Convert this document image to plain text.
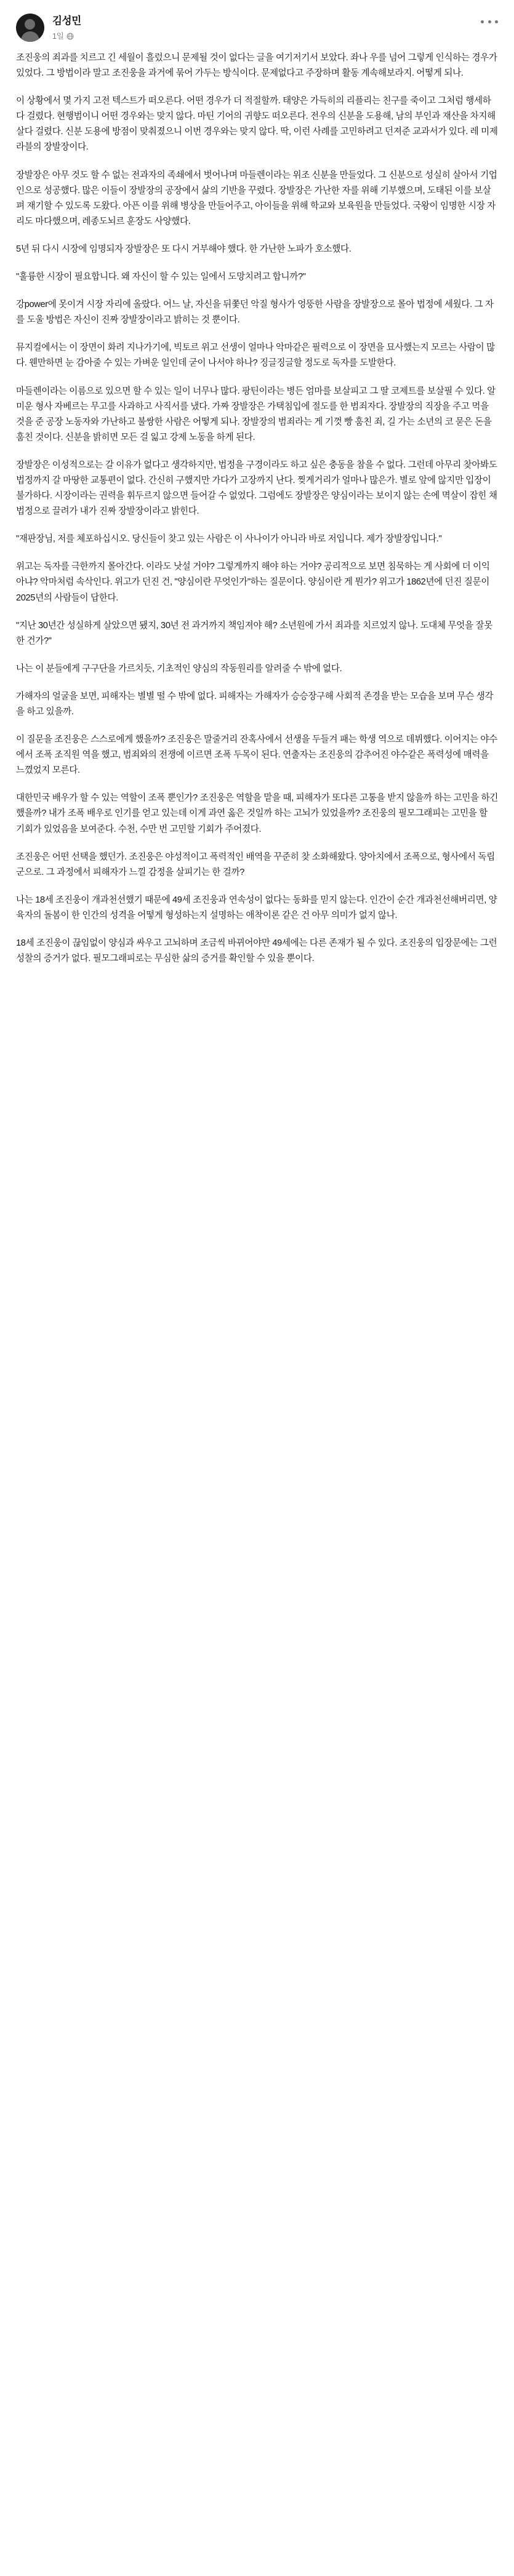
김성민
1일

조진웅의 죄과를 치르고 긴 세월이 흘렀으니 문제될 것이 없다는 글을 여기저기서 보았다. 좌나 우를 넘어 그렇게 인식하는 경우가 있었다. 그 방법이라 말고 조진웅을 과거에 묶어 가두는 방식이다. 문제없다고 주장하며 활동 계속해보라지. 어떻게 되나.

이 상황에서 몇 가지 고전 텍스트가 떠오른다. 어떤 경우가 더 적절할까. 태양은 가득히의 리플리는 친구를 죽이고 그처럼 행세하다 걸렸다. 현행범이니 어떤 경우와는 맞지 않다. 마틴 기어의 귀향도 떠오른다. 전우의 신분을 도용해, 남의 부인과 재산을 차지해 살다 걸렸다. 신분 도용에 방점이 맞춰졌으니 이번 경우와는 맞지 않다. 딱, 이런 사례를 고민하려고 던져준 교과서가 있다. 레 미제라블의 장발장이다.

장발장은 아무 것도 할 수 없는 전과자의 족쇄에서 벗어나며 마들렌이라는 위조 신분을 만들었다. 그 신분으로 성실히 살아서 기업인으로 성공했다. 많은 이들이 장발장의 공장에서 삶의 기반을 꾸렸다. 장발장은 가난한 자를 위해 기부했으며, 도태된 이를 보살펴 재기할 수 있도록 도왔다. 아픈 이를 위해 병상을 만들어주고, 아이들을 위해 학교와 보육원을 만들었다. 국왕이 임명한 시장 자리도 마다했으며, 레종도뇌르 훈장도 사양했다.

5년 뒤 다시 시장에 임명되자 장발장은 또 다시 거부해야 했다. 한 가난한 노파가 호소했다.

"훌륭한 시장이 필요합니다. 왜 자신이 할 수 있는 일에서 도망치려고 합니까?"

강power에 못이겨 시장 자리에 올랐다. 어느 날, 자신을 뒤쫓던 악질 형사가 엉뚱한 사람을 장발장으로 몰아 법정에 세웠다. 그 자를 도울 방법은 자신이 진짜 장발장이라고 밝히는 것 뿐이다.

뮤지컬에서는 이 장면이 화려 지나가기에, 빅토르 위고 선생이 얼마나 악마같은 필력으로 이 장면을 묘사했는지 모르는 사람이 많다. 웬만하면 눈 감아줄 수 있는 가벼운 일인데 굳이 나서야 하나? 징글징글할 정도로 독자를 도발한다.

마들렌이라는 이름으로 있으면 할 수 있는 일이 너무나 많다. 팡틴이라는 병든 엄마를 보살피고 그 딸 코제트를 보살필 수 있다. 알미운 형사 자베르는 무고를 사과하고 사직서를 냈다. 가짜 장발장은 가택침입에 절도를 한 범죄자다. 장발장의 직장을 주고 먹을 것을 준 공장 노동자와 가난하고 불쌍한 사람은 어떻게 되나. 장발장의 범죄라는 게 기껏 빵 훔친 죄, 길 가는 소년의 코 묻은 돈을 훔친 것이다. 신분을 밝히면 모든 걸 잃고 강제 노동을 하게 된다.

장발장은 이성적으로는 갈 이유가 없다고 생각하지만, 법정을 구경이라도 하고 싶은 충동을 참을 수 없다. 그런데 아무리 찾아봐도 법정까지 갈 마땅한 교통편이 없다. 간신히 구했지만 가다가 고장까지 난다. 찢게거리가 얼마나 많은가. 별로 앞에 않지만 입장이 불가하다. 시장이라는 권력을 휘두르지 않으면 들어갈 수 없었다. 그럼에도 장발장은 양심이라는 보이지 않는 손에 멱살이 잡힌 채 법정으로 끌려가 내가 진짜 장발장이라고 밝힌다.

"재판장님, 저를 체포하십시오. 당신들이 찾고 있는 사람은 이 사나이가 아니라 바로 저입니다. 제가 장발장입니다."

위고는 독자를 극한까지 몰아간다. 이라도 낫설 거야? 그렇게까지 해야 하는 거야? 공리적으로 보면 침묵하는 게 사회에 더 이익 아냐? 악마처럼 속삭인다. 위고가 던진 건, "양심이란 무엇인가"하는 질문이다. 양심이란 게 뭔가? 위고가 1862년에 던진 질문이 2025년의 사람들이 답한다.

"지난 30년간 성실하게 살았으면 됐지, 30년 전 과거까지 책임져야 해? 소년원에 가서 죄과를 치르었지 않나. 도대체 무엇을 잘못한 건가?"

나는 이 분들에게 구구단을 가르치듯, 기초적인 양심의 작동원리를 알려줄 수 밖에 없다.

가해자의 얼굴을 보면, 피해자는 별별 떨 수 밖에 없다. 피해자는 가해자가 승승장구해 사회적 존경을 받는 모습을 보며 무슨 생각을 하고 있을까.

이 질문을 조진웅은 스스로에게 했을까? 조진웅은 말줄거리 잔혹사에서 선생을 두들겨 패는 학생 역으로 데뷔했다. 이어지는 야수에서 조폭 조직원 역을 했고, 범죄와의 전쟁에 이르면 조폭 두목이 된다. 연출자는 조진웅의 감추어진 야수같은 폭력성에 매력을 느꼈었지 모른다.

대한민국 배우가 할 수 있는 역할이 조폭 뿐인가? 조진웅은 역할을 맡을 때, 피해자가 또다른 고통을 받지 않을까 하는 고민을 하긴 했을까? 내가 조폭 배우로 인기를 얻고 있는데 이게 과연 옳은 것일까 하는 고뇌가 있었을까? 조진웅의 필모그래피는 고민을 할 기회가 있었음을 보여준다. 수천, 수만 번 고민할 기회가 주어졌다.

조진웅은 어떤 선택을 했던가. 조진웅은 야성적이고 폭력적인 배역을 꾸준히 찾 소화해왔다. 양아치에서 조폭으로, 형사에서 독립군으로. 그 과정에서 피해자가 느낄 감정을 살피기는 한 걸까?

나는 18세 조진웅이 개과천선했기 때문에 49세 조진웅과 연속성이 없다는 동화를 믿지 않는다. 인간이 순간 개과천선해버리면, 양육자의 돌봄이 한 인간의 성격을 어떻게 형성하는지 설명하는 애착이론 같은 건 아무 의미가 없지 않나.

18세 조진웅이 끊임없이 양심과 싸우고 고뇌하며 조금씩 바뀌어야만 49세에는 다른 존재가 될 수 있다. 조진웅의 입장문에는 그런 성찰의 증거가 없다. 필모그래피로는 무심한 삶의 증거를 확인할 수 있을 뿐이다.
